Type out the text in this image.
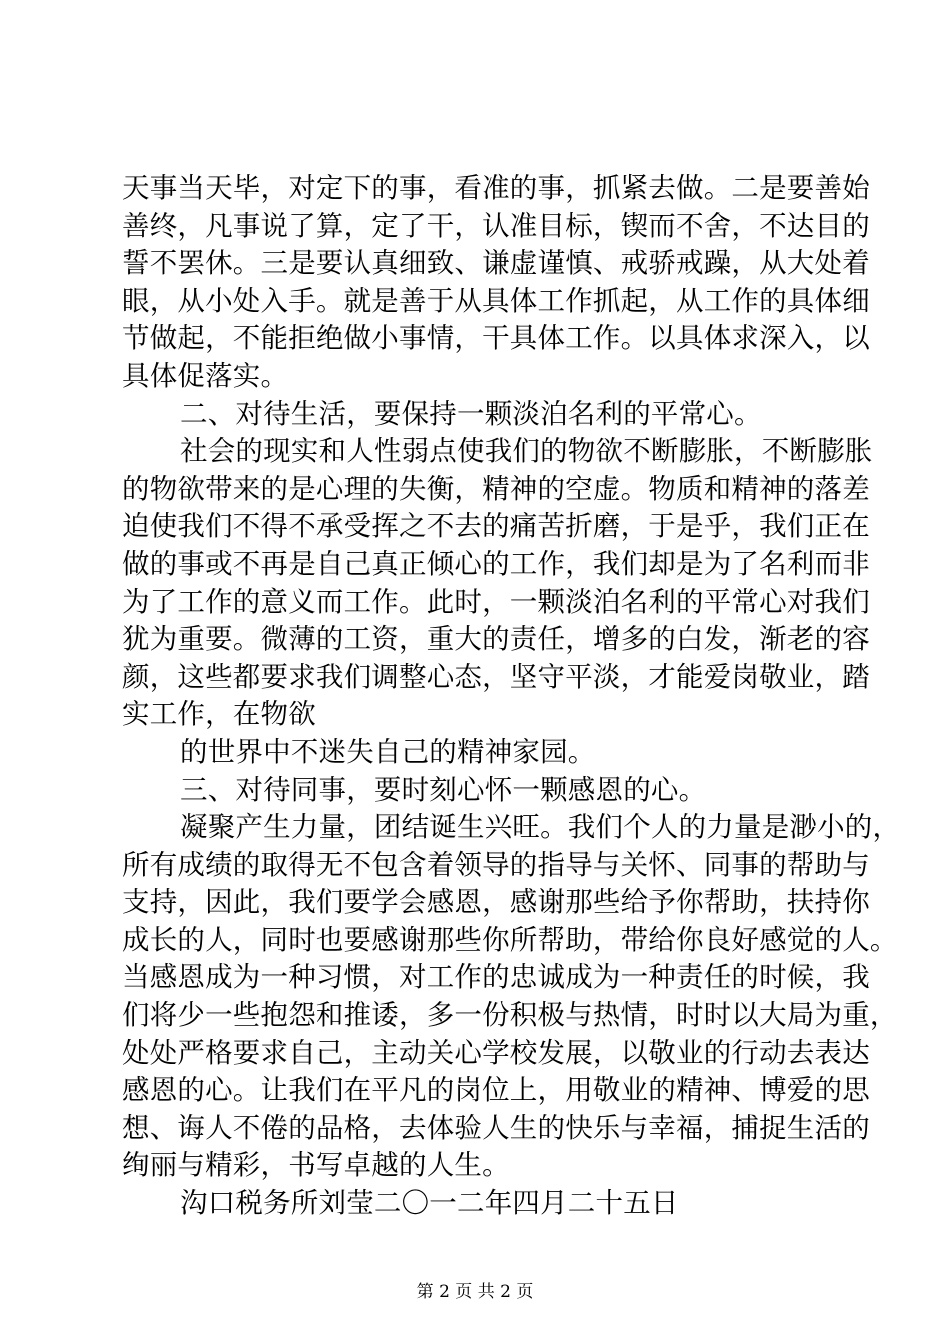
天事当天毕，对定下的事，看准的事，抓紧去做。二是要善始
善终，凡事说了算，定了干，认准目标，锲而不舍，不达目的
誓不罢休。三是要认真细致、谦虚谨慎、戒骄戒躁，从大处着
眼，从小处入手。就是善于从具体工作抓起，从工作的具体细
节做起，不能拒绝做小事情，干具体工作。以具体求深入，以
具体促落实。
二、对待生活，要保持一颗淡泊名利的平常心。
社会的现实和人性弱点使我们的物欲不断膨胀，不断膨胀
的物欲带来的是心理的失衡，精神的空虚。物质和精神的落差
迫使我们不得不承受挥之不去的痛苦折磨，于是乎，我们正在
做的事或不再是自己真正倾心的工作，我们却是为了名利而非
为了工作的意义而工作。此时，一颗淡泊名利的平常心对我们
犹为重要。微薄的工资，重大的责任，增多的白发，渐老的容
颜，这些都要求我们调整心态，坚守平淡，才能爱岗敬业，踏
实工作，在物欲
的世界中不迷失自己的精神家园。
三、对待同事，要时刻心怀一颗感恩的心。
凝聚产生力量，团结诞生兴旺。我们个人的力量是渺小的，
所有成绩的取得无不包含着领导的指导与关怀、同事的帮助与
支持，因此，我们要学会感恩，感谢那些给予你帮助，扶持你
成长的人，同时也要感谢那些你所帮助，带给你良好感觉的人。
当感恩成为一种习惯，对工作的忠诚成为一种责任的时候，我
们将少一些抱怨和推诿，多一份积极与热情，时时以大局为重，
处处严格要求自己，主动关心学校发展，以敬业的行动去表达
感恩的心。让我们在平凡的岗位上，用敬业的精神、博爱的思
想、诲人不倦的品格，去体验人生的快乐与幸福，捕捉生活的
绚丽与精彩，书写卓越的人生。
沟口税务所刘莹二〇一二年四月二十五日
第 2 页 共 2 页
